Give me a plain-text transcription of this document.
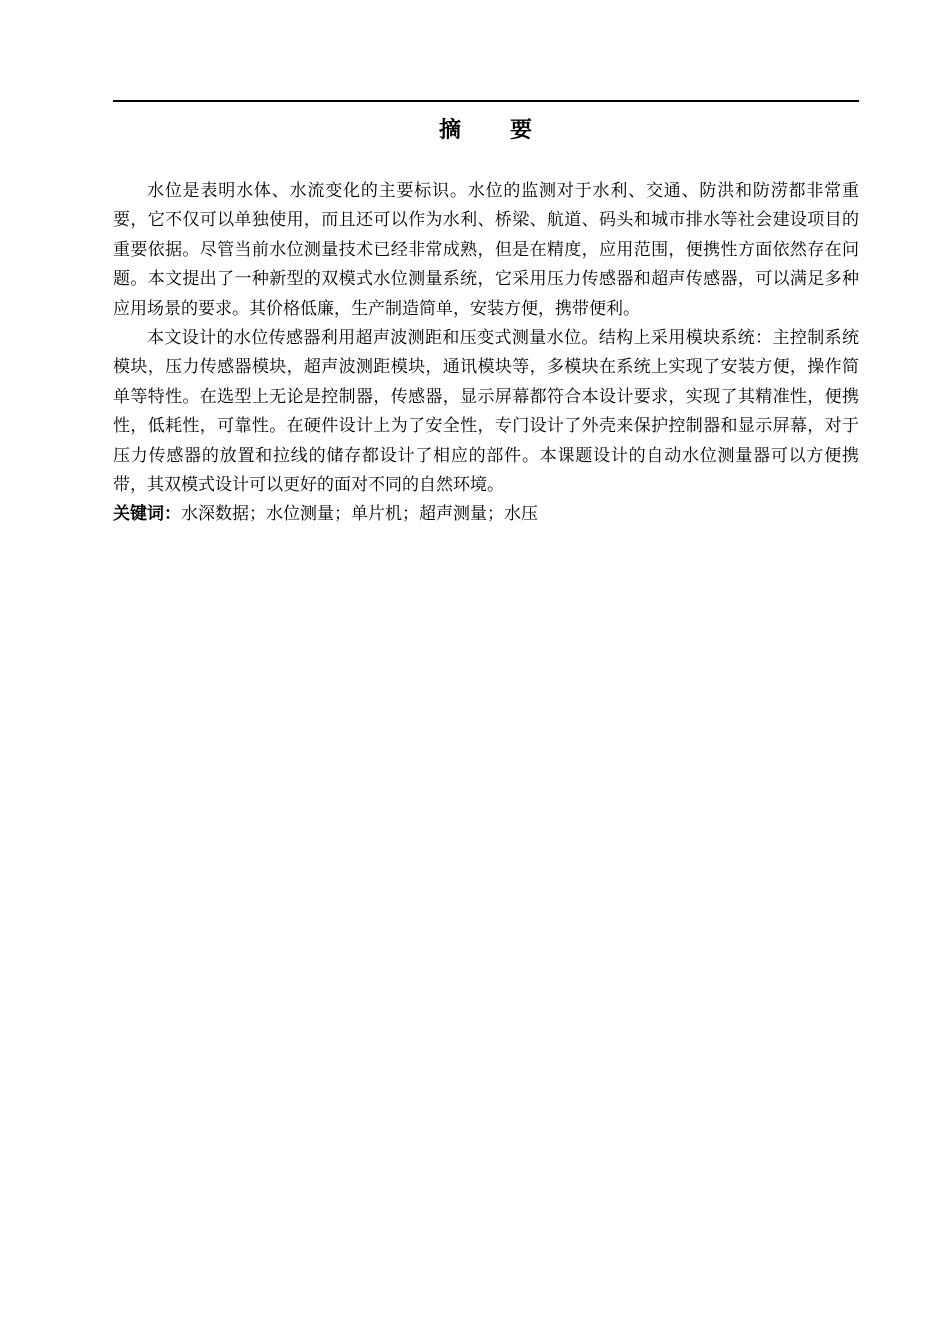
摘 要

水位是表明水体、水流变化的主要标识。水位的监测对于水利、交通、防洪和防涝都非常重要，它不仅可以单独使用，而且还可以作为水利、桥梁、航道、码头和城市排水等社会建设项目的重要依据。尽管当前水位测量技术已经非常成熟，但是在精度，应用范围，便携性方面依然存在问题。本文提出了一种新型的双模式水位测量系统，它采用压力传感器和超声传感器，可以满足多种应用场景的要求。其价格低廉，生产制造简单，安装方便，携带便利。

本文设计的水位传感器利用超声波测距和压变式测量水位。结构上采用模块系统：主控制系统模块，压力传感器模块，超声波测距模块，通讯模块等，多模块在系统上实现了安装方便，操作简单等特性。在选型上无论是控制器，传感器，显示屏幕都符合本设计要求，实现了其精准性，便携性，低耗性，可靠性。在硬件设计上为了安全性，专门设计了外壳来保护控制器和显示屏幕，对于压力传感器的放置和拉线的储存都设计了相应的部件。本课题设计的自动水位测量器可以方便携带，其双模式设计可以更好的面对不同的自然环境。

关键词：水深数据；水位测量；单片机；超声测量；水压
